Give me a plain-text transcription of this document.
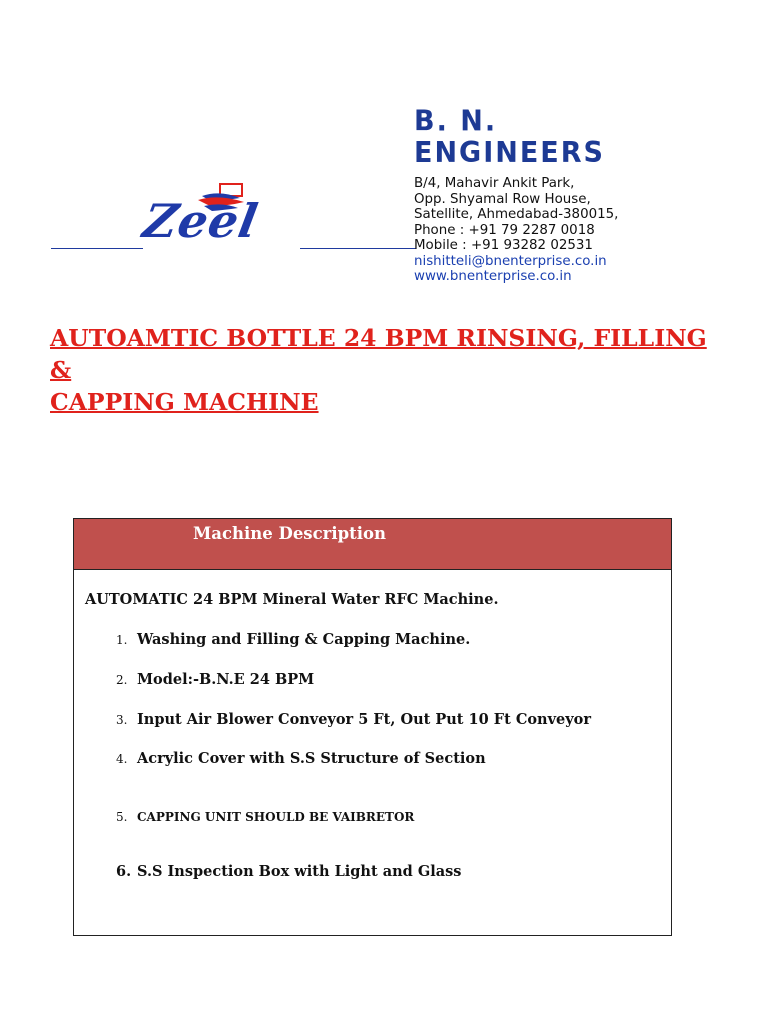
Zeel
B. N. ENGINEERS
B/4, Mahavir Ankit Park,
Opp. Shyamal Row House,
Satellite, Ahmedabad-380015,
Phone : +91 79 2287 0018
Mobile : +91 93282 02531
nishitteli@bnenterprise.co.in
www.bnenterprise.co.in
AUTOAMTIC BOTTLE 24 BPM RINSING, FILLING &
CAPPING MACHINE
Machine Description
AUTOMATIC 24 BPM Mineral Water RFC Machine.
1. Washing and Filling & Capping Machine.
2. Model:-B.N.E 24 BPM
3. Input Air Blower Conveyor 5 Ft, Out Put 10 Ft Conveyor
4. Acrylic Cover with S.S Structure of Section
5. CAPPING UNIT SHOULD BE VAIBRETOR
6. S.S Inspection Box with Light and Glass
